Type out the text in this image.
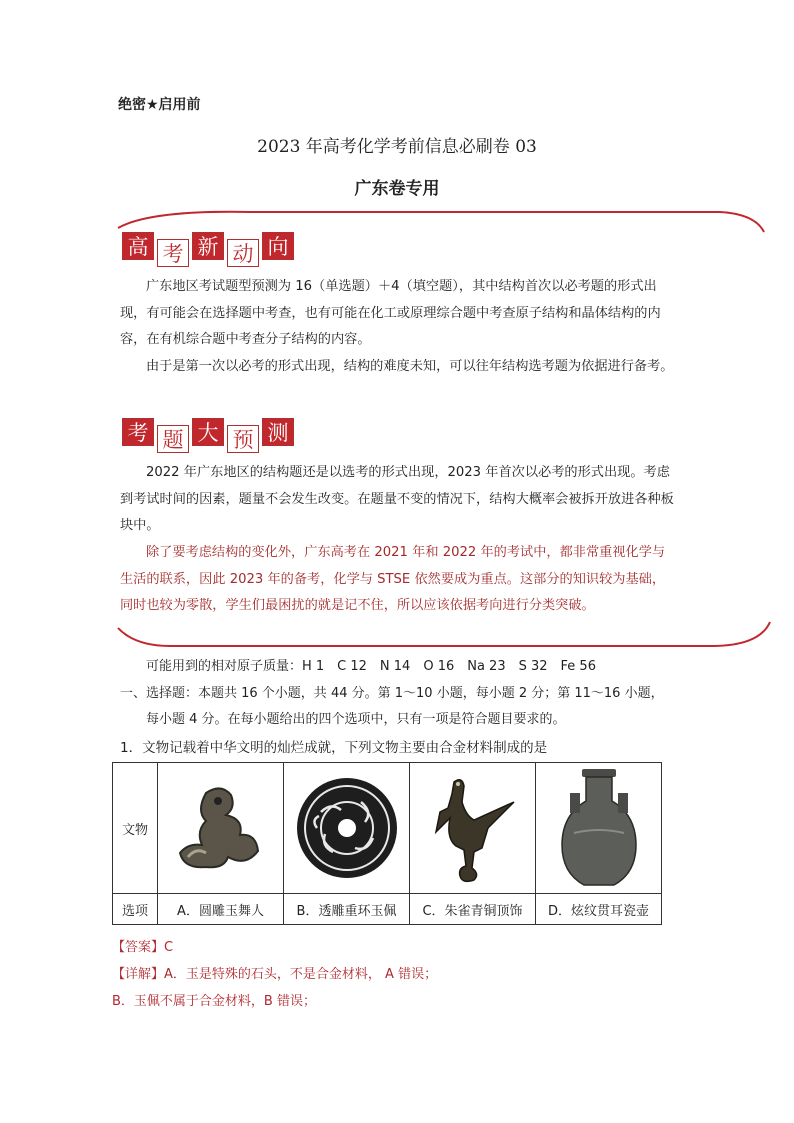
绝密★启用前
2023 年高考化学考前信息必刷卷 03
广东卷专用
高 考 新 动 向

广东地区考试题型预测为 16（单选题）＋4（填空题），其中结构首次以必考题的形式出现，有可能会在选择题中考查，也有可能在化工或原理综合题中考查原子结构和晶体结构的内容，在有机综合题中考查分子结构的内容。

由于是第一次以必考的形式出现，结构的难度未知，可以往年结构选考题为依据进行备考。

考 题 大 预 测

2022 年广东地区的结构题还是以选考的形式出现，2023 年首次以必考的形式出现。考虑到考试时间的因素，题量不会发生改变。在题量不变的情况下，结构大概率会被拆开放进各种板块中。

除了要考虑结构的变化外，广东高考在 2021 年和 2022 年的考试中，都非常重视化学与生活的联系，因此 2023 年的备考，化学与 STSE 依然要成为重点。这部分的知识较为基础，同时也较为零散，学生们最困扰的就是记不住，所以应该依据考向进行分类突破。

可能用到的相对原子质量：H 1　C 12　N 14　O 16　Na 23　S 32　Fe 56
一、选择题：本题共 16 个小题，共 44 分。第 1～10 小题，每小题 2 分；第 11～16 小题，
每小题 4 分。在每小题给出的四个选项中，只有一项是符合题目要求的。
1．文物记载着中华文明的灿烂成就，下列文物主要由合金材料制成的是
文物	

选项	A．圆雕玉舞人	B．透雕重环玉佩	C．朱雀青铜顶饰	D．炫纹贯耳瓷壶
【答案】C
【详解】A．玉是特殊的石头，不是合金材料， A 错误；
B．玉佩不属于合金材料，B 错误；
